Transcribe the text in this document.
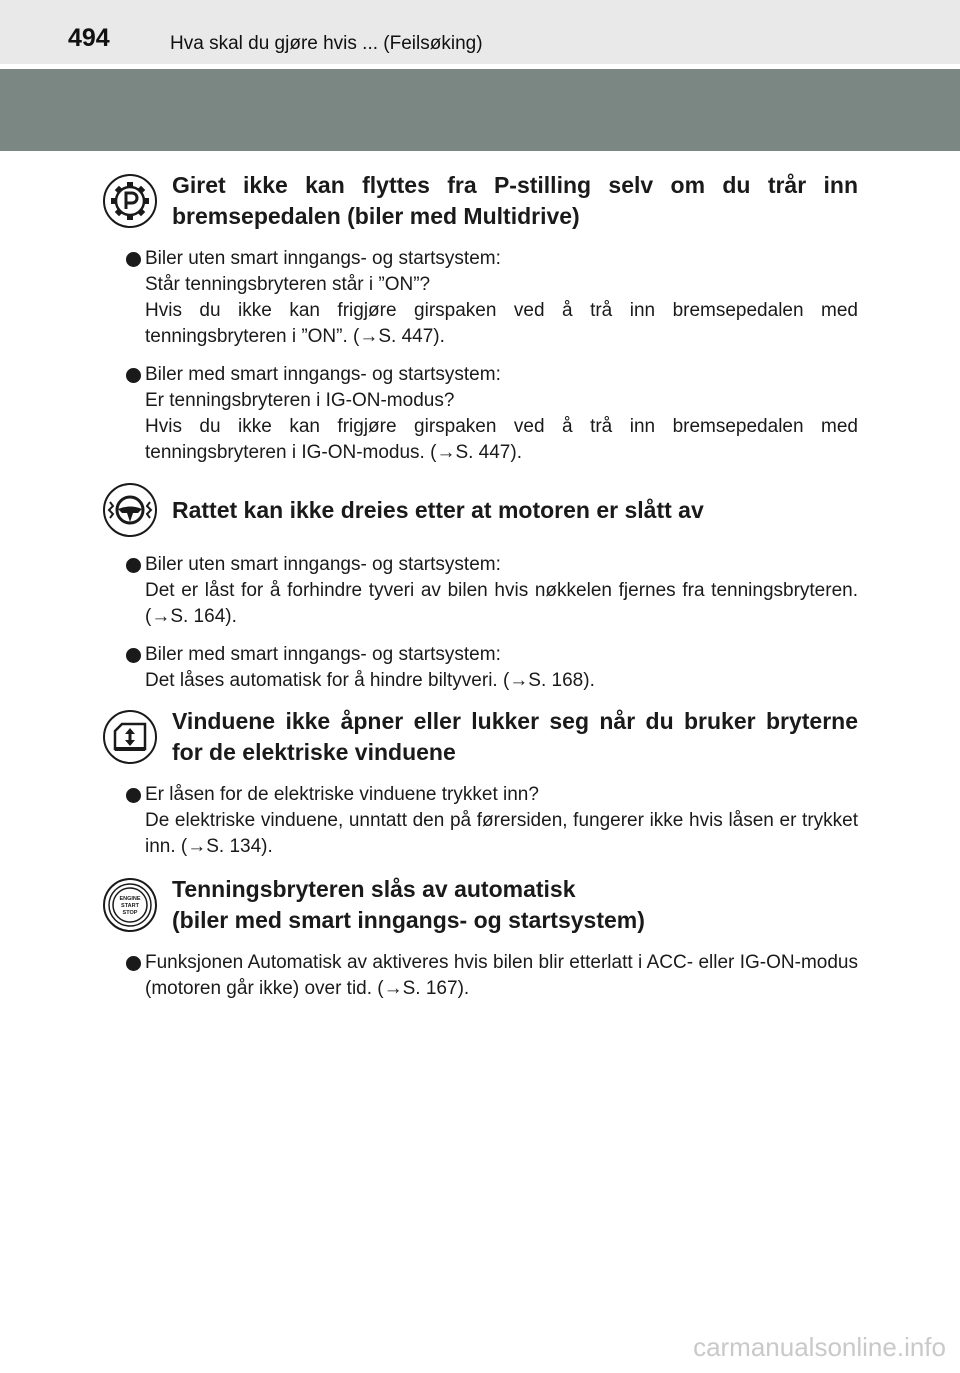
494	Hva skal du gjøre hvis ... (Feilsøking)

Giret ikke kan flyttes fra P-stilling selv om du trår inn bremsepedalen (biler med Multidrive)

Biler uten smart inngangs- og startsystem:
Står tenningsbryteren står i ”ON”?
Hvis du ikke kan frigjøre girspaken ved å trå inn bremsepedalen med tenningsbryteren i ”ON”. (→S. 447).
Biler med smart inngangs- og startsystem:
Er tenningsbryteren i IG-ON-modus?
Hvis du ikke kan frigjøre girspaken ved å trå inn bremsepedalen med tenningsbryteren i IG-ON-modus. (→S. 447).

Rattet kan ikke dreies etter at motoren er slått av

Biler uten smart inngangs- og startsystem:
Det er låst for å forhindre tyveri av bilen hvis nøkkelen fjernes fra tenningsbryteren. (→S. 164).
Biler med smart inngangs- og startsystem:
Det låses automatisk for å hindre biltyveri. (→S. 168).

Vinduene ikke åpner eller lukker seg når du bruker bryterne for de elektriske vinduene

Er låsen for de elektriske vinduene trykket inn?
De elektriske vinduene, unntatt den på førersiden, fungerer ikke hvis låsen er trykket inn. (→S. 134).
ENGINE
START
STOP

Tenningsbryteren slås av automatisk
(biler med smart inngangs- og startsystem)

Funksjonen Automatisk av aktiveres hvis bilen blir etterlatt i ACC- eller IG-ON-modus (motoren går ikke) over tid. (→S. 167).
carmanualsonline.info
